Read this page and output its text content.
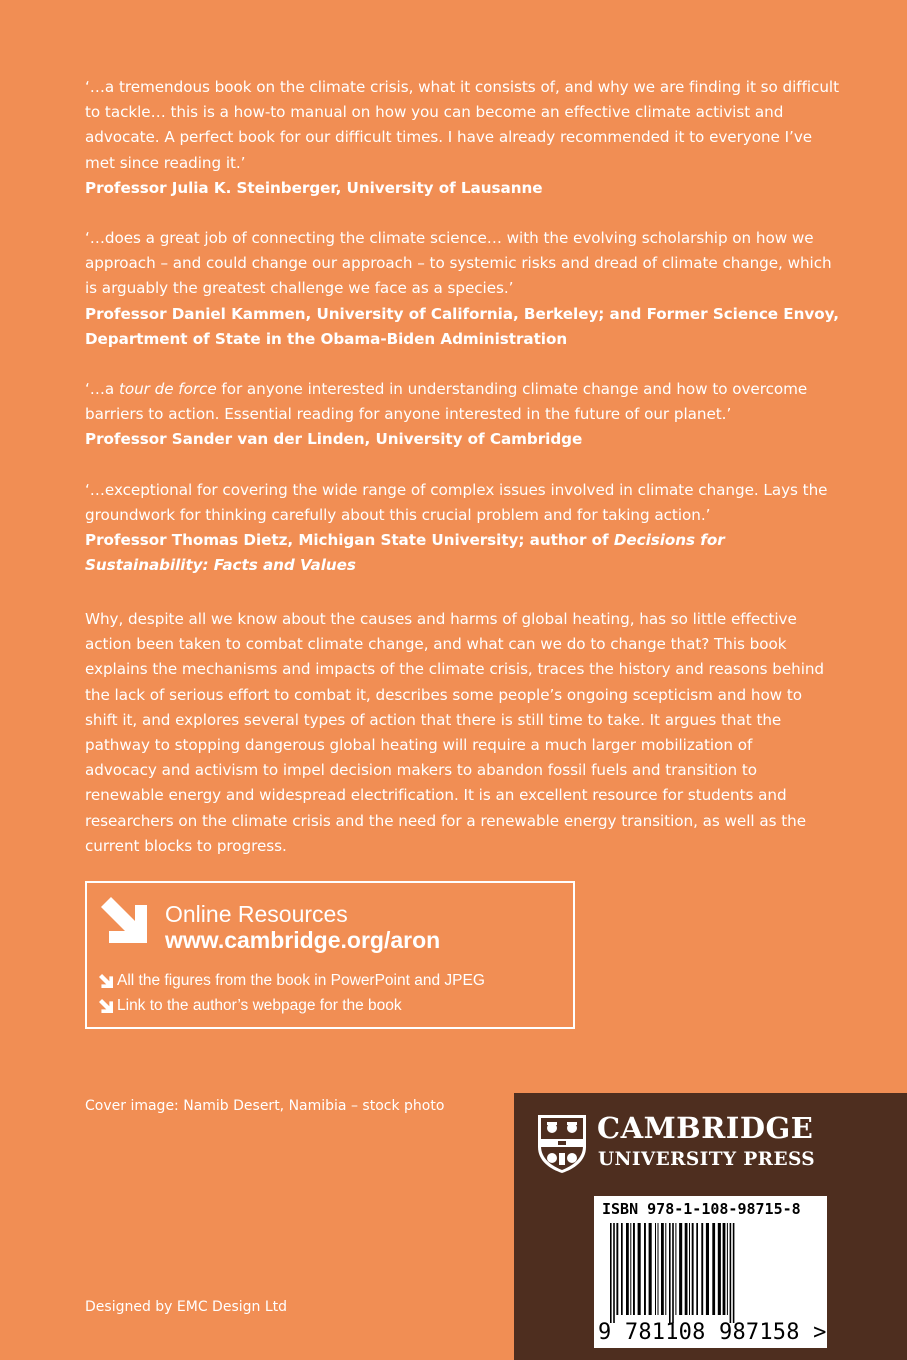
‘…a tremendous book on the climate crisis, what it consists of, and why we are finding it so difficult to tackle… this is a how-to manual on how you can become an effective climate activist and advocate. A perfect book for our difficult times. I have already recommended it to everyone I’ve met since reading it.’

Professor Julia K. Steinberger, University of Lausanne

‘…does a great job of connecting the climate science… with the evolving scholarship on how we approach – and could change our approach – to systemic risks and dread of climate change, which is arguably the greatest challenge we face as a species.’

Professor Daniel Kammen, University of California, Berkeley; and Former Science Envoy, Department of State in the Obama-Biden Administration

‘…a tour de force for anyone interested in understanding climate change and how to overcome barriers to action. Essential reading for anyone interested in the future of our planet.’

Professor Sander van der Linden, University of Cambridge

‘…exceptional for covering the wide range of complex issues involved in climate change. Lays the groundwork for thinking carefully about this crucial problem and for taking action.’

Professor Thomas Dietz, Michigan State University; author of Decisions for Sustainability: Facts and Values

Why, despite all we know about the causes and harms of global heating, has so little effective action been taken to combat climate change, and what can we do to change that? This book explains the mechanisms and impacts of the climate crisis, traces the history and reasons behind the lack of serious effort to combat it, describes some people’s ongoing scepticism and how to shift it, and explores several types of action that there is still time to take. It argues that the pathway to stopping dangerous global heating will require a much larger mobilization of advocacy and activism to impel decision makers to abandon fossil fuels and transition to renewable energy and widespread electrification. It is an excellent resource for students and researchers on the climate crisis and the need for a renewable energy transition, as well as the current blocks to progress.

Online Resources
www.cambridge.org/aron
All the figures from the book in PowerPoint and JPEG
Link to the author’s webpage for the book
Cover image: Namib Desert, Namibia – stock photo
Designed by EMC Design Ltd
CAMBRIDGE
UNIVERSITY PRESS
ISBN 978-1-108-98715-8
9 781108 987158 >
